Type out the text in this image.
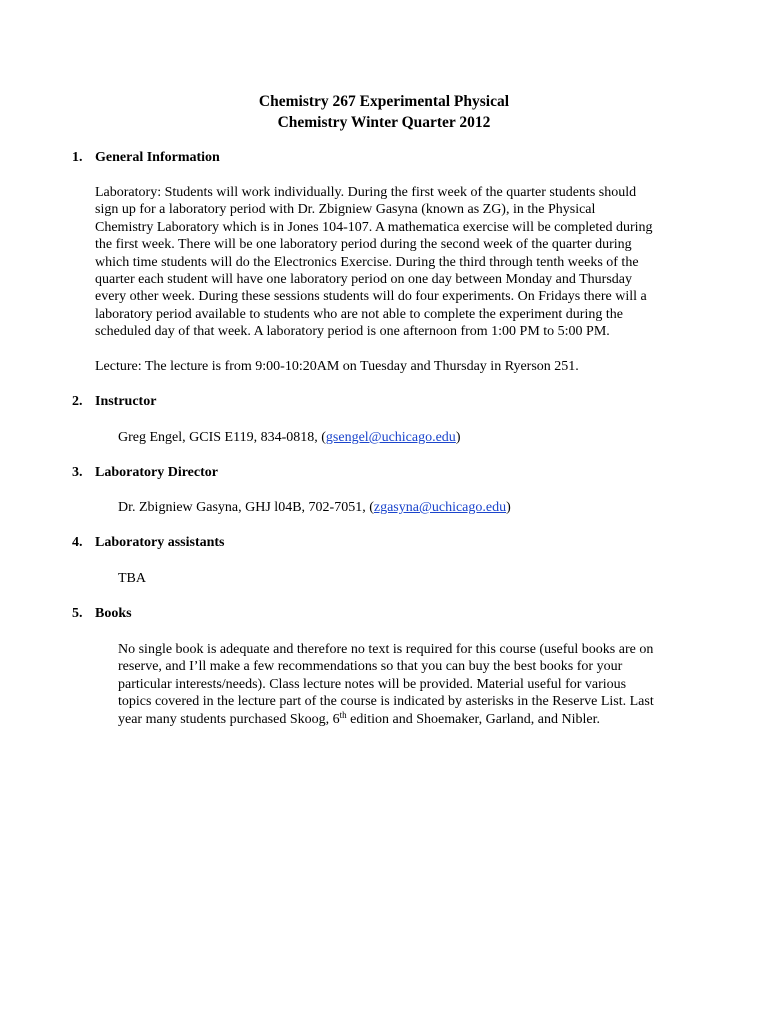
Chemistry 267 Experimental Physical
Chemistry Winter Quarter 2012
1. General Information
Laboratory: Students will work individually. During the first week of the quarter students should
sign up for a laboratory period with Dr. Zbigniew Gasyna (known as ZG), in the Physical
Chemistry Laboratory which is in Jones 104-107. A mathematica exercise will be completed during
the first week. There will be one laboratory period during the second week of the quarter during
which time students will do the Electronics Exercise. During the third through tenth weeks of the
quarter each student will have one laboratory period on one day between Monday and Thursday
every other week. During these sessions students will do four experiments. On Fridays there will a
laboratory period available to students who are not able to complete the experiment during the
scheduled day of that week. A laboratory period is one afternoon from 1:00 PM to 5:00 PM.
Lecture: The lecture is from 9:00-10:20AM on Tuesday and Thursday in Ryerson 251.
2. Instructor
Greg Engel, GCIS E119, 834-0818, (gsengel@uchicago.edu)
3. Laboratory Director
Dr. Zbigniew Gasyna, GHJ l04B, 702-7051, (zgasyna@uchicago.edu)
4. Laboratory assistants
TBA
5. Books
No single book is adequate and therefore no text is required for this course (useful books are on
reserve, and I’ll make a few recommendations so that you can buy the best books for your
particular interests/needs). Class lecture notes will be provided. Material useful for various
topics covered in the lecture part of the course is indicated by asterisks in the Reserve List. Last
year many students purchased Skoog, 6th edition and Shoemaker, Garland, and Nibler.
